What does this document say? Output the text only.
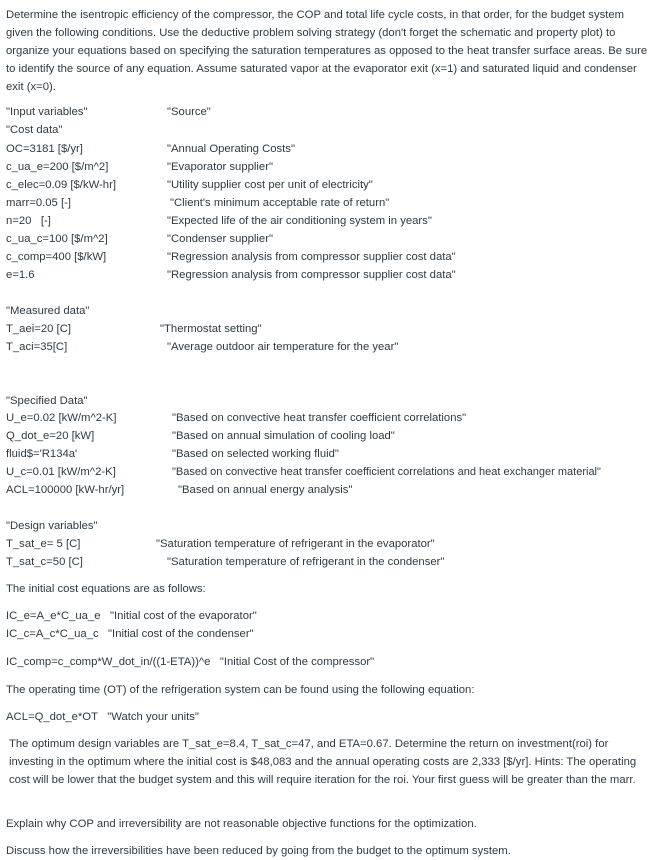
Determine the isentropic efficiency of the compressor, the COP and total life cycle costs, in that order, for the budget system given the following conditions. Use the deductive problem solving strategy (don't forget the schematic and property plot) to organize your equations based on specifying the saturation temperatures as opposed to the heat transfer surface areas. Be sure to identify the source of any equation. Assume saturated vapor at the evaporator exit (x=1) and saturated liquid and condenser exit (x=0).

"Input variables"	"Source"
"Cost data"
OC=3181 [$/yr]	"Annual Operating Costs"
c_ua_e=200 [$/m^2]	"Evaporator supplier"
c_elec=0.09 [$/kW-hr]	"Utility supplier cost per unit of electricity"
marr=0.05 [-]	"Client's minimum acceptable rate of return"
n=20   [-]	"Expected life of the air conditioning system in years"
c_ua_c=100 [$/m^2]	"Condenser supplier"
c_comp=400 [$/kW]	"Regression analysis from compressor supplier cost data"
e=1.6	"Regression analysis from compressor supplier cost data"
"Measured data"
T_aei=20 [C]	"Thermostat setting"
T_aci=35[C]	"Average outdoor air temperature for the year"
"Specified Data"
U_e=0.02 [kW/m^2-K]	"Based on convective heat transfer coefficient correlations"
Q_dot_e=20 [kW]	"Based on annual simulation of cooling load"
fluid$='R134a'	"Based on selected working fluid"
U_c=0.01 [kW/m^2-K]	"Based on convective heat transfer coefficient correlations and heat exchanger material"
ACL=100000 [kW-hr/yr]	"Based on annual energy analysis"
"Design variables"
T_sat_e= 5 [C]	"Saturation temperature of refrigerant in the evaporator"
T_sat_c=50 [C]	"Saturation temperature of refrigerant in the condenser"
The initial cost equations are as follows:
IC_e=A_e*C_ua_e   "Initial cost of the evaporator"
IC_c=A_c*C_ua_c   "Initial cost of the condenser"
IC_comp=c_comp*W_dot_in/((1-ETA))^e   "Initial Cost of the compressor"
The operating time (OT) of the refrigeration system can be found using the following equation:
ACL=Q_dot_e*OT   "Watch your units"

The optimum design variables are T_sat_e=8.4, T_sat_c=47, and ETA=0.67. Determine the return on investment(roi) for investing in the optimum where the initial cost is $48,083 and the annual operating costs are 2,333 [$/yr]. Hints: The operating cost will be lower that the budget system and this will require iteration for the roi. Your first guess will be greater than the marr.

Explain why COP and irreversibility are not reasonable objective functions for the optimization.
Discuss how the irreversibilities have been reduced by going from the budget to the optimum system.
